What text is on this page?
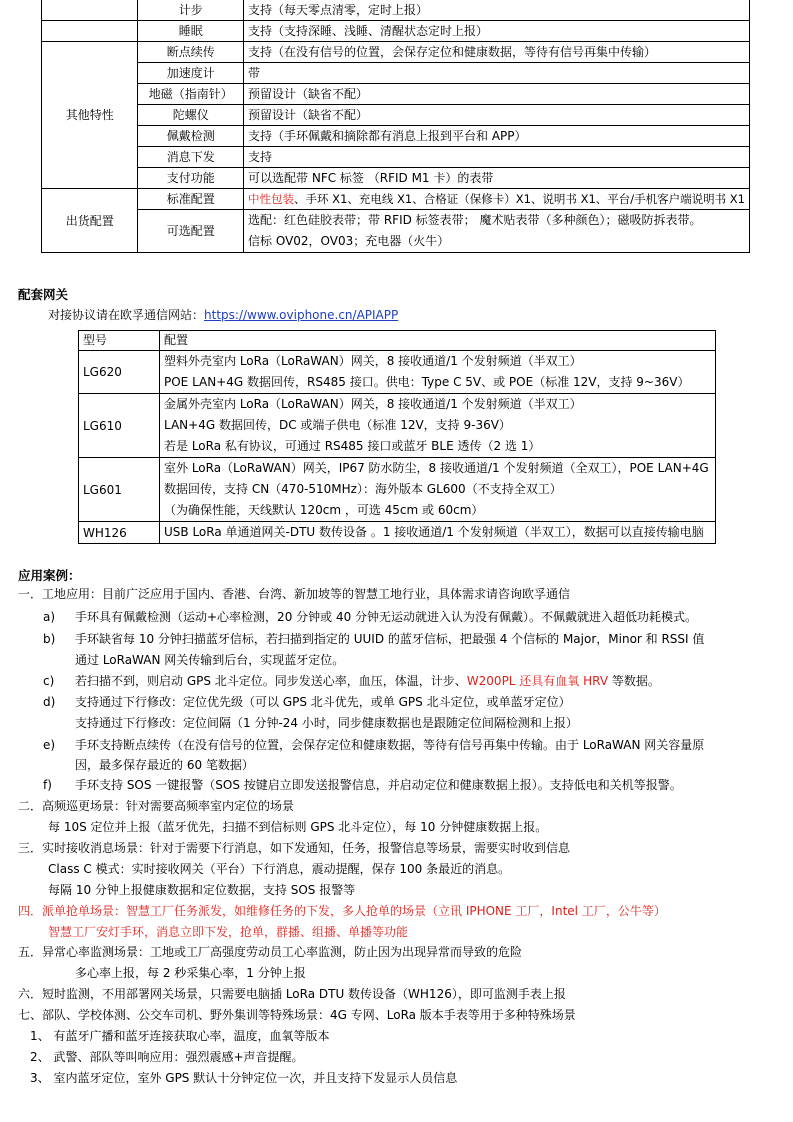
	计步	支持（每天零点清零，定时上报）
	睡眠	支持（支持深睡、浅睡、清醒状态定时上报）
其他特性	断点续传	支持（在没有信号的位置，会保存定位和健康数据，等待有信号再集中传输）
	加速度计	带
	地磁（指南针）	预留设计（缺省不配）
	陀螺仪	预留设计（缺省不配）
	佩戴检测	支持（手环佩戴和摘除都有消息上报到平台和 APP）
	消息下发	支持
	支付功能	可以选配带 NFC 标签 （RFID M1 卡）的表带
出货配置	标准配置	中性包装、手环 X1、充电线 X1、合格证（保修卡）X1、说明书 X1、平台/手机客户端说明书 X1
	可选配置	选配：红色硅胶表带；带 RFID 标签表带； 魔术贴表带（多种颜色）；磁吸防拆表带。
信标 OV02，OV03；充电器（火牛）
配套网关
对接协议请在欧孚通信网站：https://www.oviphone.cn/APIAPP
型号	配置
LG620	塑料外壳室内 LoRa（LoRaWAN）网关，8 接收通道/1 个发射频道（半双工）
POE LAN+4G 数据回传，RS485 接口。供电：Type C 5V、或 POE（标准 12V，支持 9~36V）

LG610	金属外壳室内 LoRa（LoRaWAN）网关，8 接收通道/1 个发射频道（半双工）
LAN+4G 数据回传，DC 或端子供电（标准 12V，支持 9-36V）
若是 LoRa 私有协议，可通过 RS485 接口或蓝牙 BLE 透传（2 选 1）

LG601	室外 LoRa（LoRaWAN）网关，IP67 防水防尘，8 接收通道/1 个发射频道（全双工），POE LAN+4G
数据回传，支持 CN（470-510MHz）：海外版本 GL600（不支持全双工）
（为确保性能，天线默认 120cm ，可选 45cm 或 60cm）

WH126	USB LoRa 单通道网关-DTU 数传设备 。1 接收通道/1 个发射频道（半双工），数据可以直接传输电脑
应用案例：
一．工地应用：目前广泛应用于国内、香港、台湾、新加坡等的智慧工地行业，具体需求请咨询欧孚通信
a) 手环具有佩戴检测（运动+心率检测，20 分钟或 40 分钟无运动就进入认为没有佩戴）。不佩戴就进入超低功耗模式。
b) 手环缺省每 10 分钟扫描蓝牙信标，若扫描到指定的 UUID 的蓝牙信标，把最强 4 个信标的 Major，Minor 和 RSSI 值
通过 LoRaWAN 网关传输到后台，实现蓝牙定位。
c) 若扫描不到，则启动 GPS 北斗定位。同步发送心率，血压，体温，计步、W200PL 还具有血氧 HRV 等数据。
d) 支持通过下行修改：定位优先级（可以 GPS 北斗优先，或单 GPS 北斗定位，或单蓝牙定位）
支持通过下行修改：定位间隔（1 分钟-24 小时，同步健康数据也是跟随定位间隔检测和上报）
e) 手环支持断点续传（在没有信号的位置，会保存定位和健康数据，等待有信号再集中传输。由于 LoRaWAN 网关容量原
因，最多保存最近的 60 笔数据）
f) 手环支持 SOS 一键报警（SOS 按键启立即发送报警信息，并启动定位和健康数据上报）。支持低电和关机等报警。
二．高频巡更场景：针对需要高频率室内定位的场景
每 10S 定位并上报（蓝牙优先，扫描不到信标则 GPS 北斗定位），每 10 分钟健康数据上报。
三．实时接收消息场景：针对于需要下行消息，如下发通知，任务，报警信息等场景，需要实时收到信息
Class C 模式：实时接收网关（平台）下行消息，震动提醒，保存 100 条最近的消息。
每隔 10 分钟上报健康数据和定位数据，支持 SOS 报警等
四．派单抢单场景：智慧工厂任务派发，如维修任务的下发，多人抢单的场景（立讯 IPHONE 工厂，Intel 工厂，公牛等）
智慧工厂安灯手环，消息立即下发，抢单，群播、组播、单播等功能
五．异常心率监测场景：工地或工厂高强度劳动员工心率监测，防止因为出现异常而导致的危险
多心率上报，每 2 秒采集心率，1 分钟上报
六．短时监测，不用部署网关场景，只需要电脑插 LoRa DTU 数传设备（WH126），即可监测手表上报
七、部队、学校体测、公交车司机、野外集训等特殊场景：4G 专网、LoRa 版本手表等用于多种特殊场景
1、 有蓝牙广播和蓝牙连接获取心率，温度，血氧等版本
2、 武警、部队等叫响应用：强烈震感+声音提醒。
3、 室内蓝牙定位，室外 GPS 默认十分钟定位一次，并且支持下发显示人员信息
